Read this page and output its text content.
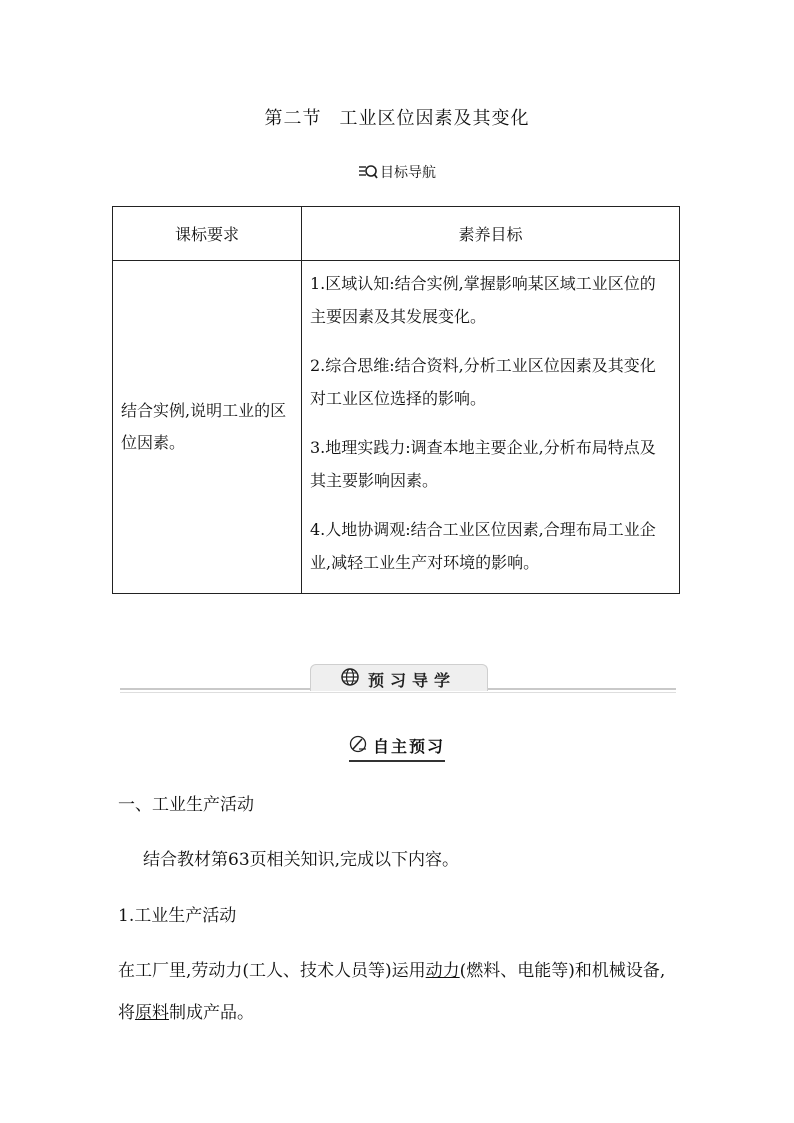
第二节 工业区位因素及其变化
目标导航
课标要求	素养目标
结合实例,说明工业的区位因素。	1.区域认知:结合实例,掌握影响某区域工业区位的主要因素及其发展变化。

2.综合思维:结合资料,分析工业区位因素及其变化对工业区位选择的影响。

3.地理实践力:调查本地主要企业,分析布局特点及其主要影响因素。

4.人地协调观:结合工业区位因素,合理布局工业企业,减轻工业生产对环境的影响。

预习导学
自主预习
一、工业生产活动
结合教材第63页相关知识,完成以下内容。
1.工业生产活动
在工厂里,劳动力(工人、技术人员等)运用动力(燃料、电能等)和机械设备,将原料制成产品。
